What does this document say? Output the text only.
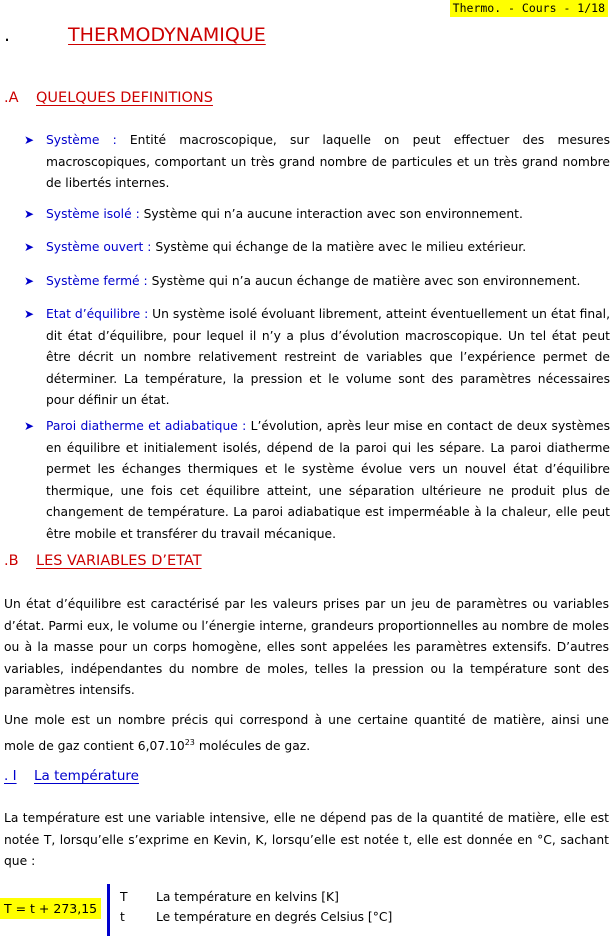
Thermo. - Cours - 1/18
.	THERMODYNAMIQUE
.A QUELQUES DEFINITIONS
➤ Système : Entité macroscopique, sur laquelle on peut effectuer des mesures macroscopiques, comportant un très grand nombre de particules et un très grand nombre de libertés internes.
➤ Système isolé : Système qui n’a aucune interaction avec son environnement.
➤ Système ouvert : Système qui échange de la matière avec le milieu extérieur.
➤ Système fermé : Système qui n’a aucun échange de matière avec son environnement.
➤ Etat d’équilibre : Un système isolé évoluant librement, atteint éventuellement un état final, dit état d’équilibre, pour lequel il n’y a plus d’évolution macroscopique. Un tel état peut être décrit un nombre relativement restreint de variables que l’expérience permet de déterminer. La température, la pression et le volume sont des paramètres nécessaires pour définir un état.
➤ Paroi diatherme et adiabatique : L’évolution, après leur mise en contact de deux systèmes en équilibre et initialement isolés, dépend de la paroi qui les sépare. La paroi diatherme permet les échanges thermiques et le système évolue vers un nouvel état d’équilibre thermique, une fois cet équilibre atteint, une séparation ultérieure ne produit plus de changement de température. La paroi adiabatique est imperméable à la chaleur, elle peut être mobile et transférer du travail mécanique.
.B LES VARIABLES D’ETAT
Un état d’équilibre est caractérisé par les valeurs prises par un jeu de paramètres ou variables d’état. Parmi eux, le volume ou l’énergie interne, grandeurs proportionnelles au nombre de moles ou à la masse pour un corps homogène, elles sont appelées les paramètres extensifs. D’autres variables, indépendantes du nombre de moles, telles la pression ou la température sont des paramètres intensifs.
Une mole est un nombre précis qui correspond à une certaine quantité de matière, ainsi une mole de gaz contient 6,07.10$^{23}$ molécules de gaz.
. I La température
La température est une variable intensive, elle ne dépend pas de la quantité de matière, elle est notée T, lorsqu’elle s’exprime en Kevin, K, lorsqu’elle est notée t, elle est donnée en °C, sachant que :
T = t + 273,15
T La température en kelvins [K]
t	Le température en degrés Celsius [°C]
